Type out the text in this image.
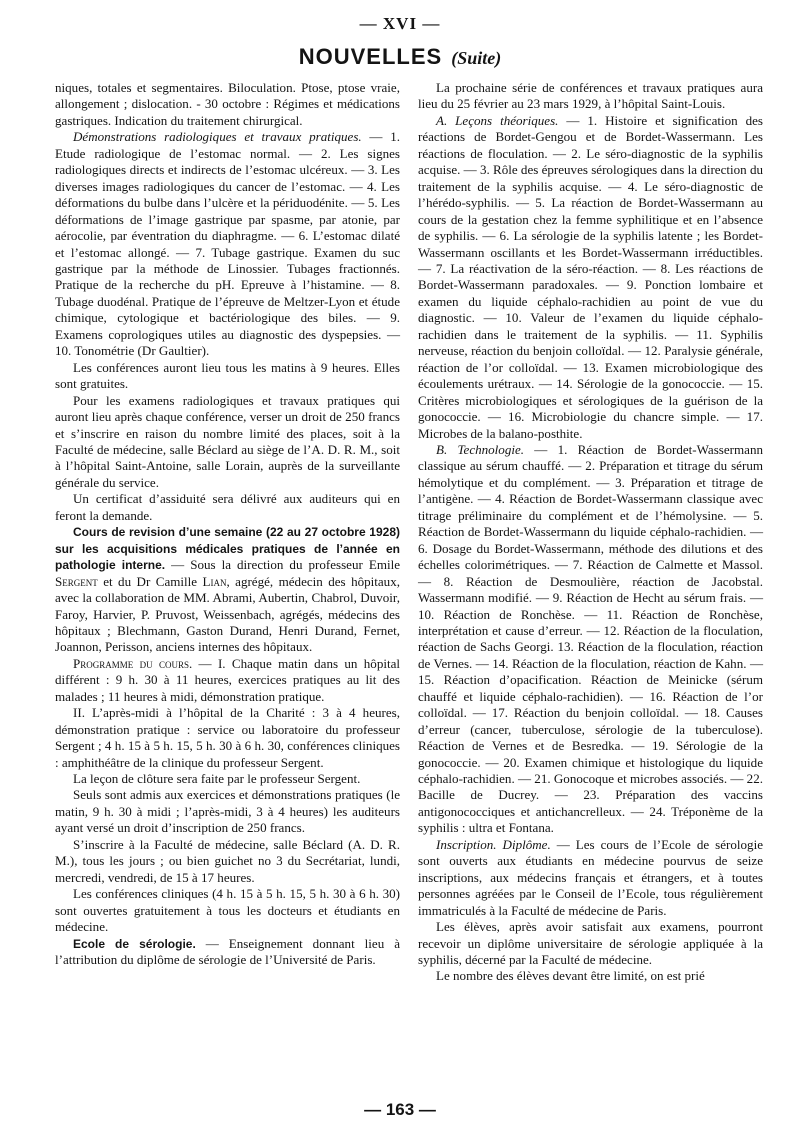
— XVI —
NOUVELLES (Suite)

niques, totales et segmentaires. Biloculation. Ptose, ptose vraie, allongement ; dislocation. - 30 octobre : Régimes et médications gastriques. Indication du traitement chirurgical.

Démonstrations radiologiques et travaux pratiques. — 1. Etude radiologique de l’estomac normal. — 2. Les signes radiologiques directs et indirects de l’estomac ulcéreux. — 3. Les diverses images radiologiques du cancer de l’estomac. — 4. Les déformations du bulbe dans l’ulcère et la périduodénite. — 5. Les déformations de l’image gastrique par spasme, par atonie, par aérocolie, par éventration du diaphragme. — 6. L’estomac dilaté et l’estomac allongé. — 7. Tubage gastrique. Examen du suc gastrique par la méthode de Linossier. Tubages fractionnés. Pratique de la recherche du pH. Epreuve à l’histamine. — 8. Tubage duodénal. Pratique de l’épreuve de Meltzer-Lyon et étude chimique, cytologique et bactériologique des biles. — 9. Examens coprologiques utiles au diagnostic des dyspepsies. — 10. Tonométrie (Dr Gaultier).

Les conférences auront lieu tous les matins à 9 heures. Elles sont gratuites.

Pour les examens radiologiques et travaux pratiques qui auront lieu après chaque conférence, verser un droit de 250 francs et s’inscrire en raison du nombre limité des places, soit à la Faculté de médecine, salle Béclard au siège de l’A. D. R. M., soit à l’hôpital Saint-Antoine, salle Lorain, auprès de la surveillante générale du service.

Un certificat d’assiduité sera délivré aux auditeurs qui en feront la demande.

Cours de revision d’une semaine (22 au 27 octobre 1928) sur les acquisitions médicales pratiques de l’année en pathologie interne. — Sous la direction du professeur Emile Sergent et du Dr Camille Lian, agrégé, médecin des hôpitaux, avec la collaboration de MM. Abrami, Aubertin, Chabrol, Duvoir, Faroy, Harvier, P. Pruvost, Weissenbach, agrégés, médecins des hôpitaux ; Blechmann, Gaston Durand, Henri Durand, Fernet, Joannon, Perisson, anciens internes des hôpitaux.

Programme du cours. — I. Chaque matin dans un hôpital différent : 9 h. 30 à 11 heures, exercices pratiques au lit des malades ; 11 heures à midi, démonstration pratique.

II. L’après-midi à l’hôpital de la Charité : 3 à 4 heures, démonstration pratique : service ou laboratoire du professeur Sergent ; 4 h. 15 à 5 h. 15, 5 h. 30 à 6 h. 30, conférences cliniques : amphithéâtre de la clinique du professeur Sergent.

La leçon de clôture sera faite par le professeur Sergent.

Seuls sont admis aux exercices et démonstrations pratiques (le matin, 9 h. 30 à midi ; l’après-midi, 3 à 4 heures) les auditeurs ayant versé un droit d’inscription de 250 francs.

S’inscrire à la Faculté de médecine, salle Béclard (A. D. R. M.), tous les jours ; ou bien guichet no 3 du Secrétariat, lundi, mercredi, vendredi, de 15 à 17 heures.

Les conférences cliniques (4 h. 15 à 5 h. 15, 5 h. 30 à 6 h. 30) sont ouvertes gratuitement à tous les docteurs et étudiants en médecine.

Ecole de sérologie. — Enseignement donnant lieu à l’attribution du diplôme de sérologie de l’Université de Paris.

La prochaine série de conférences et travaux pratiques aura lieu du 25 février au 23 mars 1929, à l’hôpital Saint-Louis.

A. Leçons théoriques. — 1. Histoire et signification des réactions de Bordet-Gengou et de Bordet-Wassermann. Les réactions de floculation. — 2. Le séro-diagnostic de la syphilis acquise. — 3. Rôle des épreuves sérologiques dans la direction du traitement de la syphilis acquise. — 4. Le séro-diagnostic de l’hérédo-syphilis. — 5. La réaction de Bordet-Wassermann au cours de la gestation chez la femme syphilitique et en l’absence de syphilis. — 6. La sérologie de la syphilis latente ; les Bordet-Wassermann oscillants et les Bordet-Wassermann irréductibles. — 7. La réactivation de la séro-réaction. — 8. Les réactions de Bordet-Wassermann paradoxales. — 9. Ponction lombaire et examen du liquide céphalo-rachidien au point de vue du diagnostic. — 10. Valeur de l’examen du liquide céphalo-rachidien dans le traitement de la syphilis. — 11. Syphilis nerveuse, réaction du benjoin colloïdal. — 12. Paralysie générale, réaction de l’or colloïdal. — 13. Examen microbiologique des écoulements urétraux. — 14. Sérologie de la gonococcie. — 15. Critères microbiologiques et sérologiques de la guérison de la gonococcie. — 16. Microbiologie du chancre simple. — 17. Microbes de la balano-posthite.

B. Technologie. — 1. Réaction de Bordet-Wassermann classique au sérum chauffé. — 2. Préparation et titrage du sérum hémolytique et du complément. — 3. Préparation et titrage de l’antigène. — 4. Réaction de Bordet-Wassermann classique avec titrage préliminaire du complément et de l’hémolysine. — 5. Réaction de Bordet-Wassermann du liquide céphalo-rachidien. — 6. Dosage du Bordet-Wassermann, méthode des dilutions et des échelles colorimétriques. — 7. Réaction de Calmette et Massol. — 8. Réaction de Desmoulière, réaction de Jacobstal. Wassermann modifié. — 9. Réaction de Hecht au sérum frais. — 10. Réaction de Ronchèse. — 11. Réaction de Ronchèse, interprétation et cause d’erreur. — 12. Réaction de la floculation, réaction de Sachs Georgi. 13. Réaction de la floculation, réaction de Vernes. — 14. Réaction de la floculation, réaction de Kahn. — 15. Réaction d’opacification. Réaction de Meinicke (sérum chauffé et liquide céphalo-rachidien). — 16. Réaction de l’or colloïdal. — 17. Réaction du benjoin colloïdal. — 18. Causes d’erreur (cancer, tuberculose, sérologie de la tuberculose). Réaction de Vernes et de Besredka. — 19. Sérologie de la gonococcie. — 20. Examen chimique et histologique du liquide céphalo-rachidien. — 21. Gonocoque et microbes associés. — 22. Bacille de Ducrey. — 23. Préparation des vaccins antigonococciques et antichancrelleux. — 24. Tréponème de la syphilis : ultra et Fontana.

Inscription. Diplôme. — Les cours de l’Ecole de sérologie sont ouverts aux étudiants en médecine pourvus de seize inscriptions, aux médecins français et étrangers, et à toutes personnes agréées par le Conseil de l’Ecole, tous régulièrement immatriculés à la Faculté de médecine de Paris.

Les élèves, après avoir satisfait aux examens, pourront recevoir un diplôme universitaire de sérologie appliquée à la syphilis, décerné par la Faculté de médecine.

Le nombre des élèves devant être limité, on est prié

— 163 —
